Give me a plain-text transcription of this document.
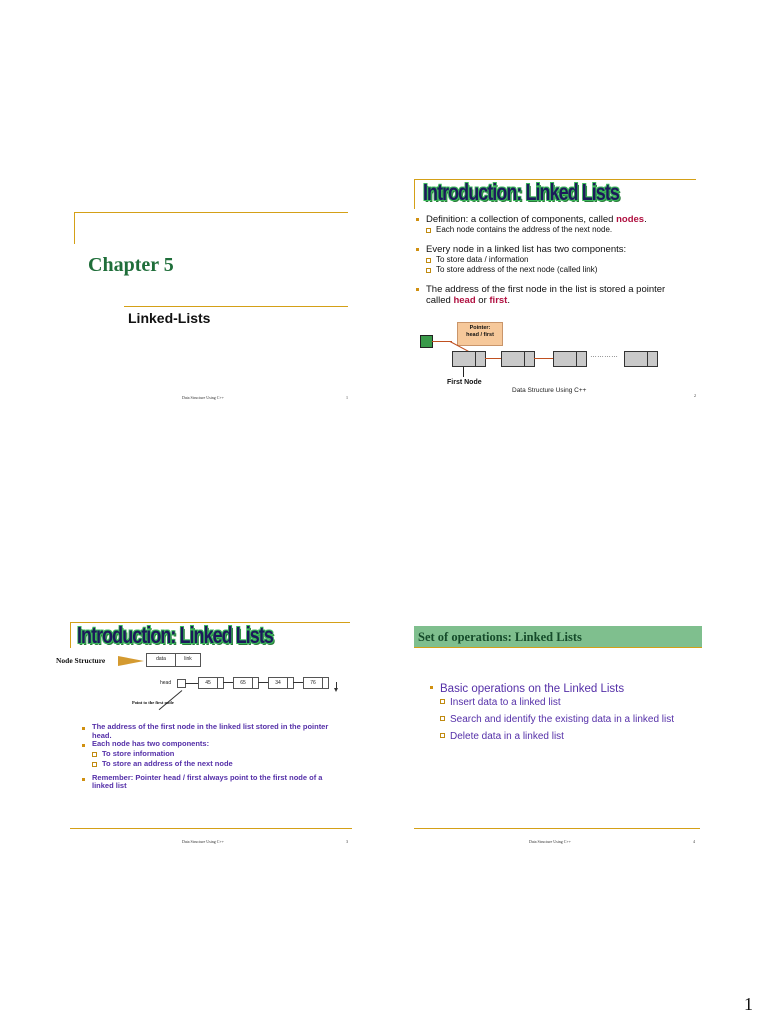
Chapter 5
Linked-Lists
Data Structure Using C++	1
Introduction: Linked Lists
Definition: a collection of components, called nodes.
Each node contains the address of the next node.
Every node in a linked list has two components:
To store data / information
To store address of the next node (called link)
The address of the first node in the list is stored a pointer
called head or first.
Pointer:
head / first
…………
First Node
Data Structure Using C++
2
Introduction: Linked Lists
Node Structure	data	link
head	45	65	34	76
Point to the first node
The address of the first node in the linked list stored in the pointer head.
Each node has two components:
To store information
To store an address of the next node
Remember: Pointer head / first always point to the first node of a linked list
Data Structure Using C++	3
Set of operations: Linked Lists
Basic operations on the Linked Lists
Insert data to a linked list
Search and identify the existing data in a linked list
Delete data in a linked list
Data Structure Using C++	4
1
